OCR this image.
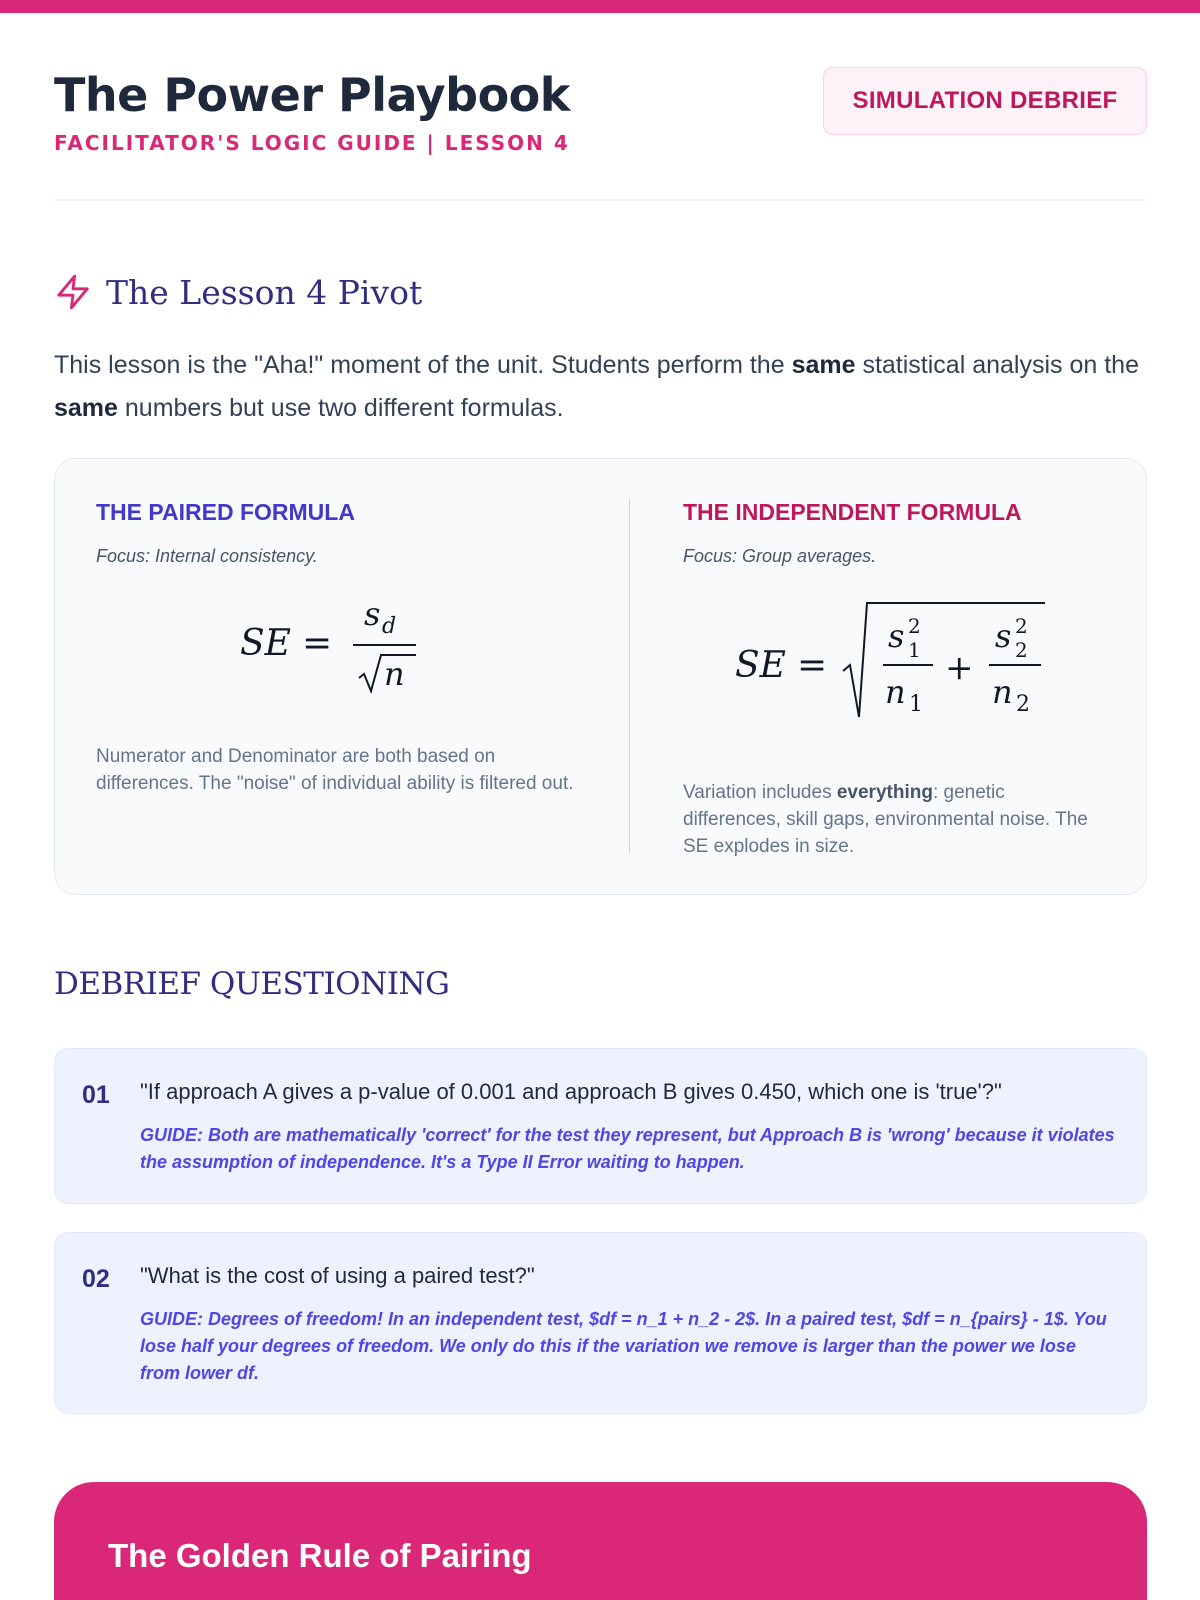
The Power Playbook
FACILITATOR'S LOGIC GUIDE | LESSON 4
SIMULATION DEBRIEF
The Lesson 4 Pivot

This lesson is the "Aha!" moment of the unit. Students perform the same statistical analysis on the same numbers but use two different formulas.

THE PAIRED FORMULA
Focus: Internal consistency.
SE =
s d
n
Numerator and Denominator are both based on differences. The "noise" of individual ability is filtered out.
THE INDEPENDENT FORMULA
Focus: Group averages.
SE =
s 2
1
n 1
+
s 2
2
n 2
Variation includes everything: genetic differences, skill gaps, environmental noise. The SE explodes in size.
DEBRIEF QUESTIONING
01 "If approach A gives a p-value of 0.001 and approach B gives 0.450, which one is 'true'?"
GUIDE: Both are mathematically 'correct' for the test they represent, but Approach B is 'wrong' because it violates the assumption of independence. It's a Type II Error waiting to happen.
02 "What is the cost of using a paired test?"
GUIDE: Degrees of freedom! In an independent test, $df = n_1 + n_2 - 2$. In a paired test, $df = n_{pairs} - 1$. You lose half your degrees of freedom. We only do this if the variation we remove is larger than the power we lose from lower df.
The Golden Rule of Pairing
